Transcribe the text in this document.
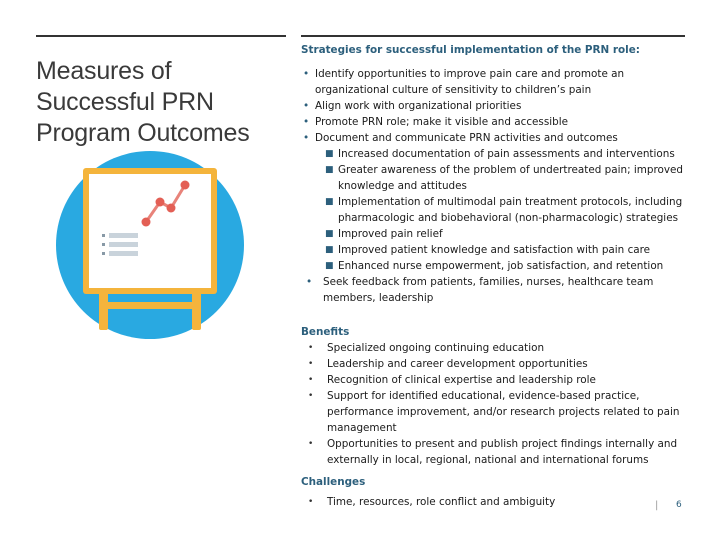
Measures of Successful PRN Program Outcomes
Strategies for successful implementation of the PRN role:
• Identify opportunities to improve pain care and promote an organizational culture of sensitivity to children’s pain
• Align work with organizational priorities
• Promote PRN role; make it visible and accessible
• Document and communicate PRN activities and outcomes
■ Increased documentation of pain assessments and interventions
■ Greater awareness of the problem of undertreated pain; improved knowledge and attitudes
■ Implementation of multimodal pain treatment protocols, including pharmacologic and biobehavioral (non-pharmacologic) strategies
■ Improved pain relief
■ Improved patient knowledge and satisfaction with pain care
■ Enhanced nurse empowerment, job satisfaction, and retention
• Seek feedback from patients, families, nurses, healthcare team members, leadership
Benefits
• Specialized ongoing continuing education
• Leadership and career development opportunities
• Recognition of clinical expertise and leadership role
• Support for identified educational, evidence-based practice, performance improvement, and/or research projects related to pain management
• Opportunities to present and publish project findings internally and externally in local, regional, national and international forums
Challenges
• Time, resources, role conflict and ambiguity	| 6
